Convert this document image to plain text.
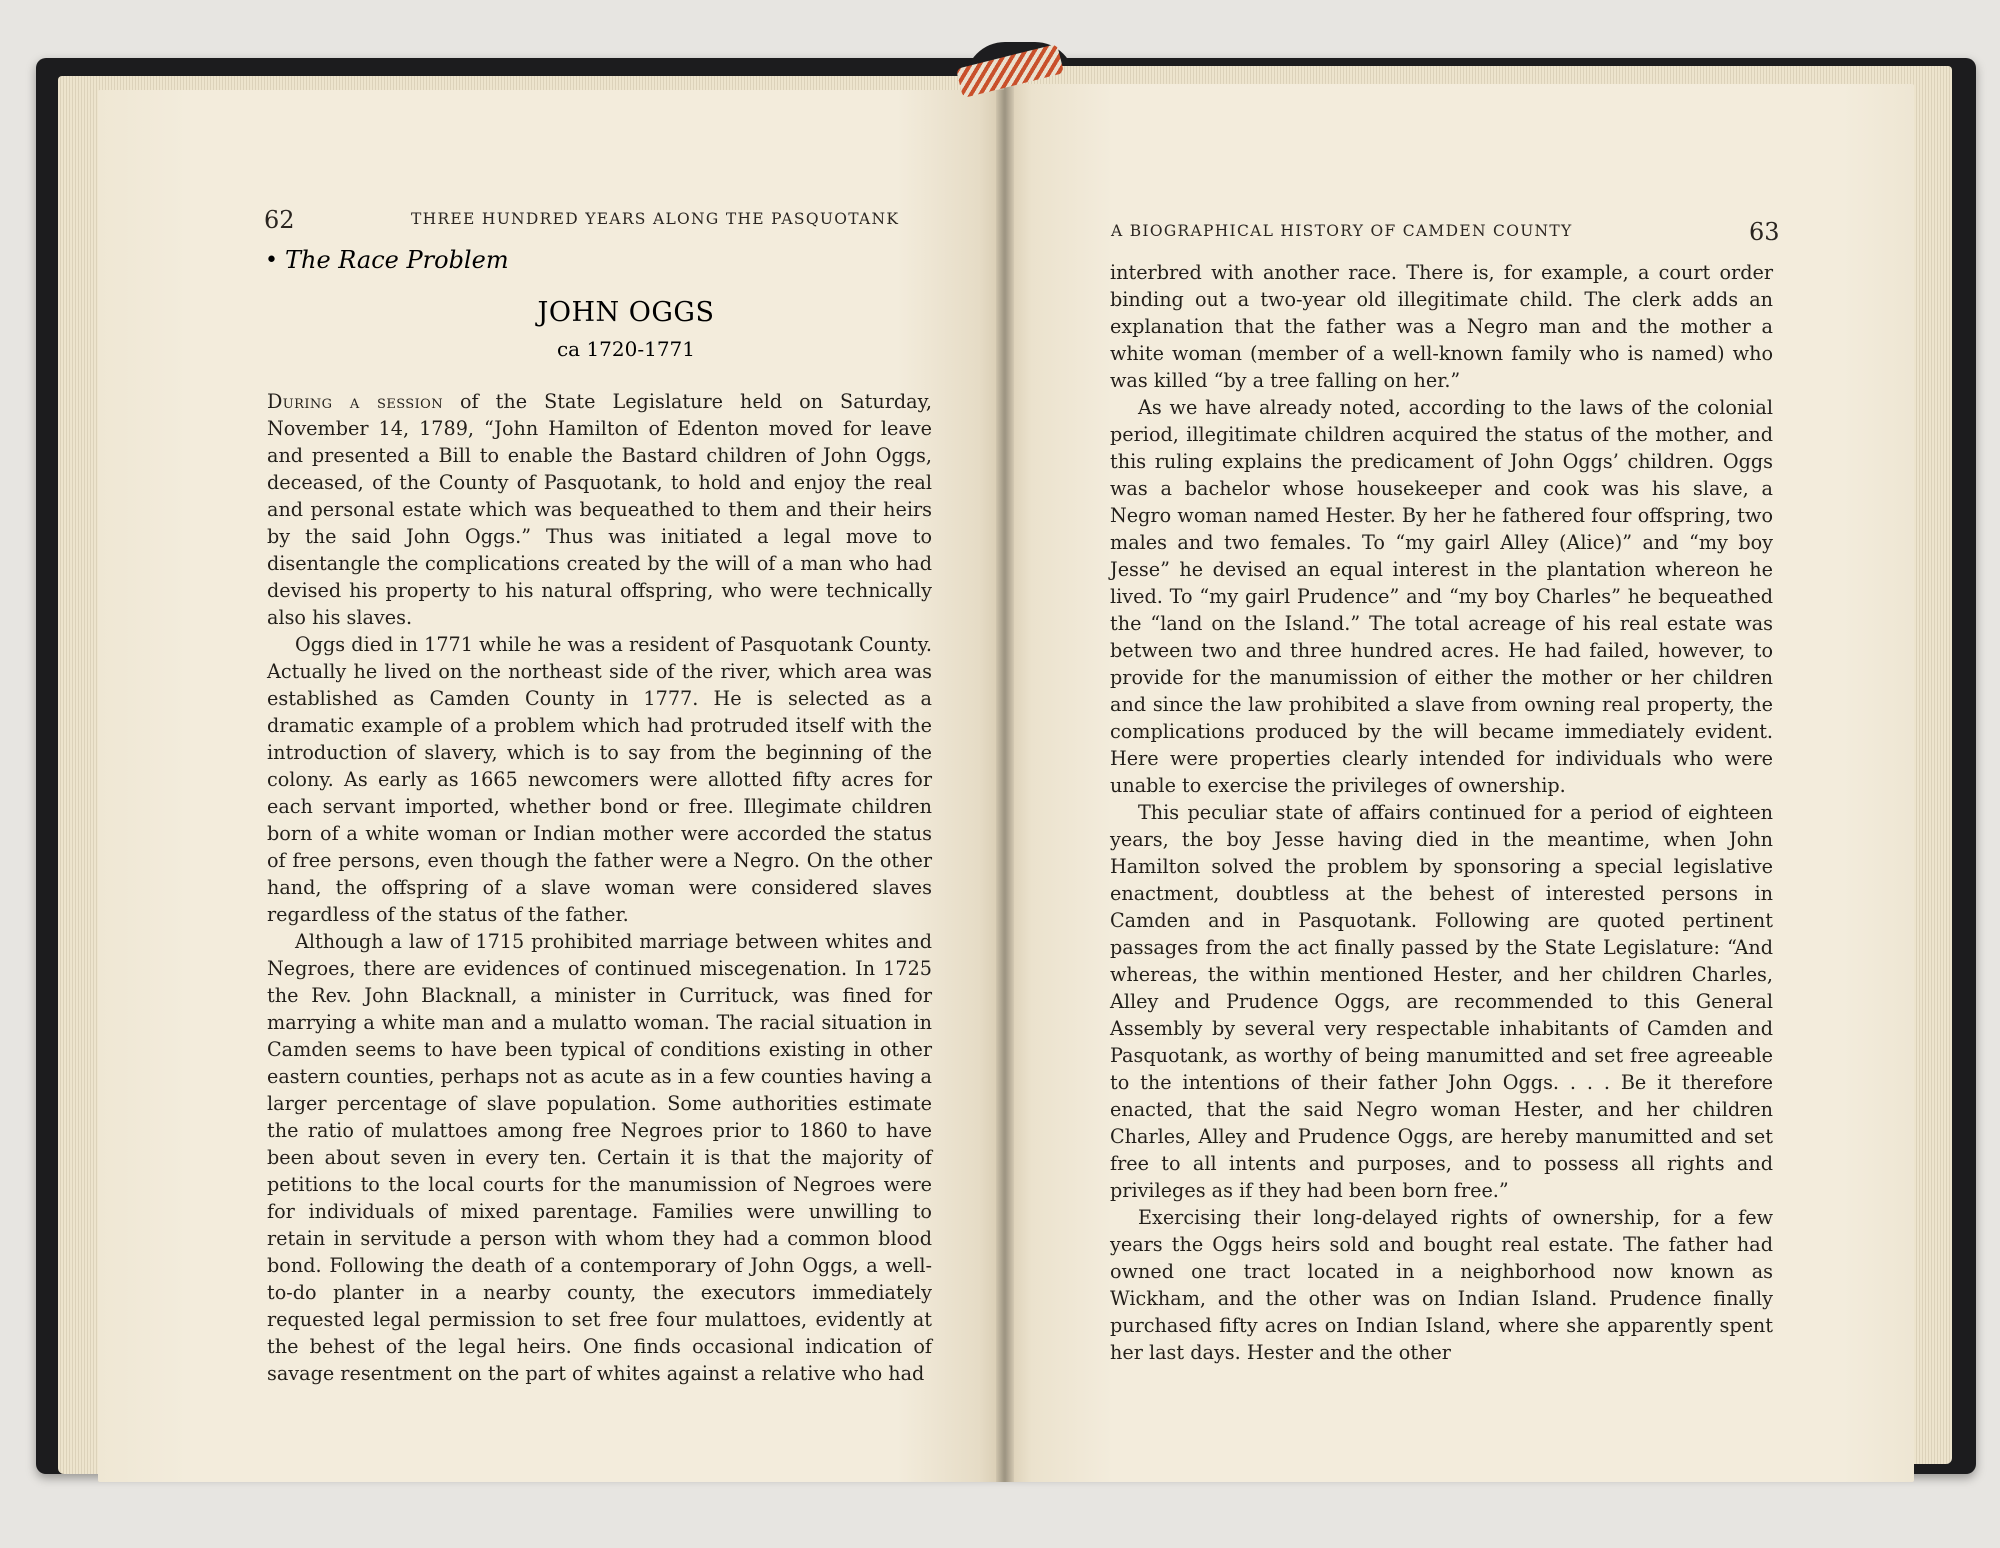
62	THREE HUNDRED YEARS ALONG THE PASQUOTANK
• The Race Problem
JOHN OGGS
ca 1720-1771

During a session of the State Legislature held on Saturday, November 14, 1789, “John Hamilton of Edenton moved for leave and presented a Bill to enable the Bastard children of John Oggs, deceased, of the County of Pasquotank, to hold and enjoy the real and personal estate which was bequeathed to them and their heirs by the said John Oggs.” Thus was initiated a legal move to disentangle the complications created by the will of a man who had devised his property to his natural offspring, who were technically also his slaves.

Oggs died in 1771 while he was a resident of Pasquotank County. Actually he lived on the northeast side of the river, which area was established as Camden County in 1777. He is selected as a dramatic example of a problem which had protruded itself with the introduction of slavery, which is to say from the beginning of the colony. As early as 1665 newcomers were allotted fifty acres for each servant imported, whether bond or free. Illegimate children born of a white woman or Indian mother were accorded the status of free persons, even though the father were a Negro. On the other hand, the offspring of a slave woman were considered slaves regardless of the status of the father.

Although a law of 1715 prohibited marriage between whites and Negroes, there are evidences of continued miscegenation. In 1725 the Rev. John Blacknall, a minister in Currituck, was fined for marrying a white man and a mulatto woman. The racial situation in Camden seems to have been typical of conditions existing in other eastern counties, perhaps not as acute as in a few counties having a larger percentage of slave population. Some authorities estimate the ratio of mulattoes among free Negroes prior to 1860 to have been about seven in every ten. Certain it is that the majority of petitions to the local courts for the manumission of Negroes were for individuals of mixed parentage. Families were unwilling to retain in servitude a person with whom they had a common blood bond. Following the death of a contemporary of John Oggs, a well-to-do planter in a nearby county, the executors immediately requested legal permission to set free four mulattoes, evidently at the behest of the legal heirs. One finds occasional indication of savage resentment on the part of whites against a relative who had

A BIOGRAPHICAL HISTORY OF CAMDEN COUNTY	63

interbred with another race. There is, for example, a court order binding out a two-year old illegitimate child. The clerk adds an explanation that the father was a Negro man and the mother a white woman (member of a well-known family who is named) who was killed “by a tree falling on her.”

As we have already noted, according to the laws of the colonial period, illegitimate children acquired the status of the mother, and this ruling explains the predicament of John Oggs’ children. Oggs was a bachelor whose housekeeper and cook was his slave, a Negro woman named Hester. By her he fathered four offspring, two males and two females. To “my gairl Alley (Alice)” and “my boy Jesse” he devised an equal interest in the plantation whereon he lived. To “my gairl Prudence” and “my boy Charles” he bequeathed the “land on the Island.” The total acreage of his real estate was between two and three hundred acres. He had failed, however, to provide for the manumission of either the mother or her children and since the law prohibited a slave from owning real property, the complications produced by the will became immediately evident. Here were properties clearly intended for individuals who were unable to exercise the privileges of ownership.

This peculiar state of affairs continued for a period of eighteen years, the boy Jesse having died in the meantime, when John Hamilton solved the problem by sponsoring a special legislative enactment, doubtless at the behest of interested persons in Camden and in Pasquotank. Following are quoted pertinent passages from the act finally passed by the State Legislature: “And whereas, the within mentioned Hester, and her children Charles, Alley and Prudence Oggs, are recommended to this General Assembly by several very respectable inhabitants of Camden and Pasquotank, as worthy of being manumitted and set free agreeable to the intentions of their father John Oggs. . . . Be it therefore enacted, that the said Negro woman Hester, and her children Charles, Alley and Prudence Oggs, are hereby manumitted and set free to all intents and purposes, and to possess all rights and privileges as if they had been born free.”

Exercising their long-delayed rights of ownership, for a few years the Oggs heirs sold and bought real estate. The father had owned one tract located in a neighborhood now known as Wickham, and the other was on Indian Island. Prudence finally purchased fifty acres on Indian Island, where she apparently spent her last days. Hester and the other
